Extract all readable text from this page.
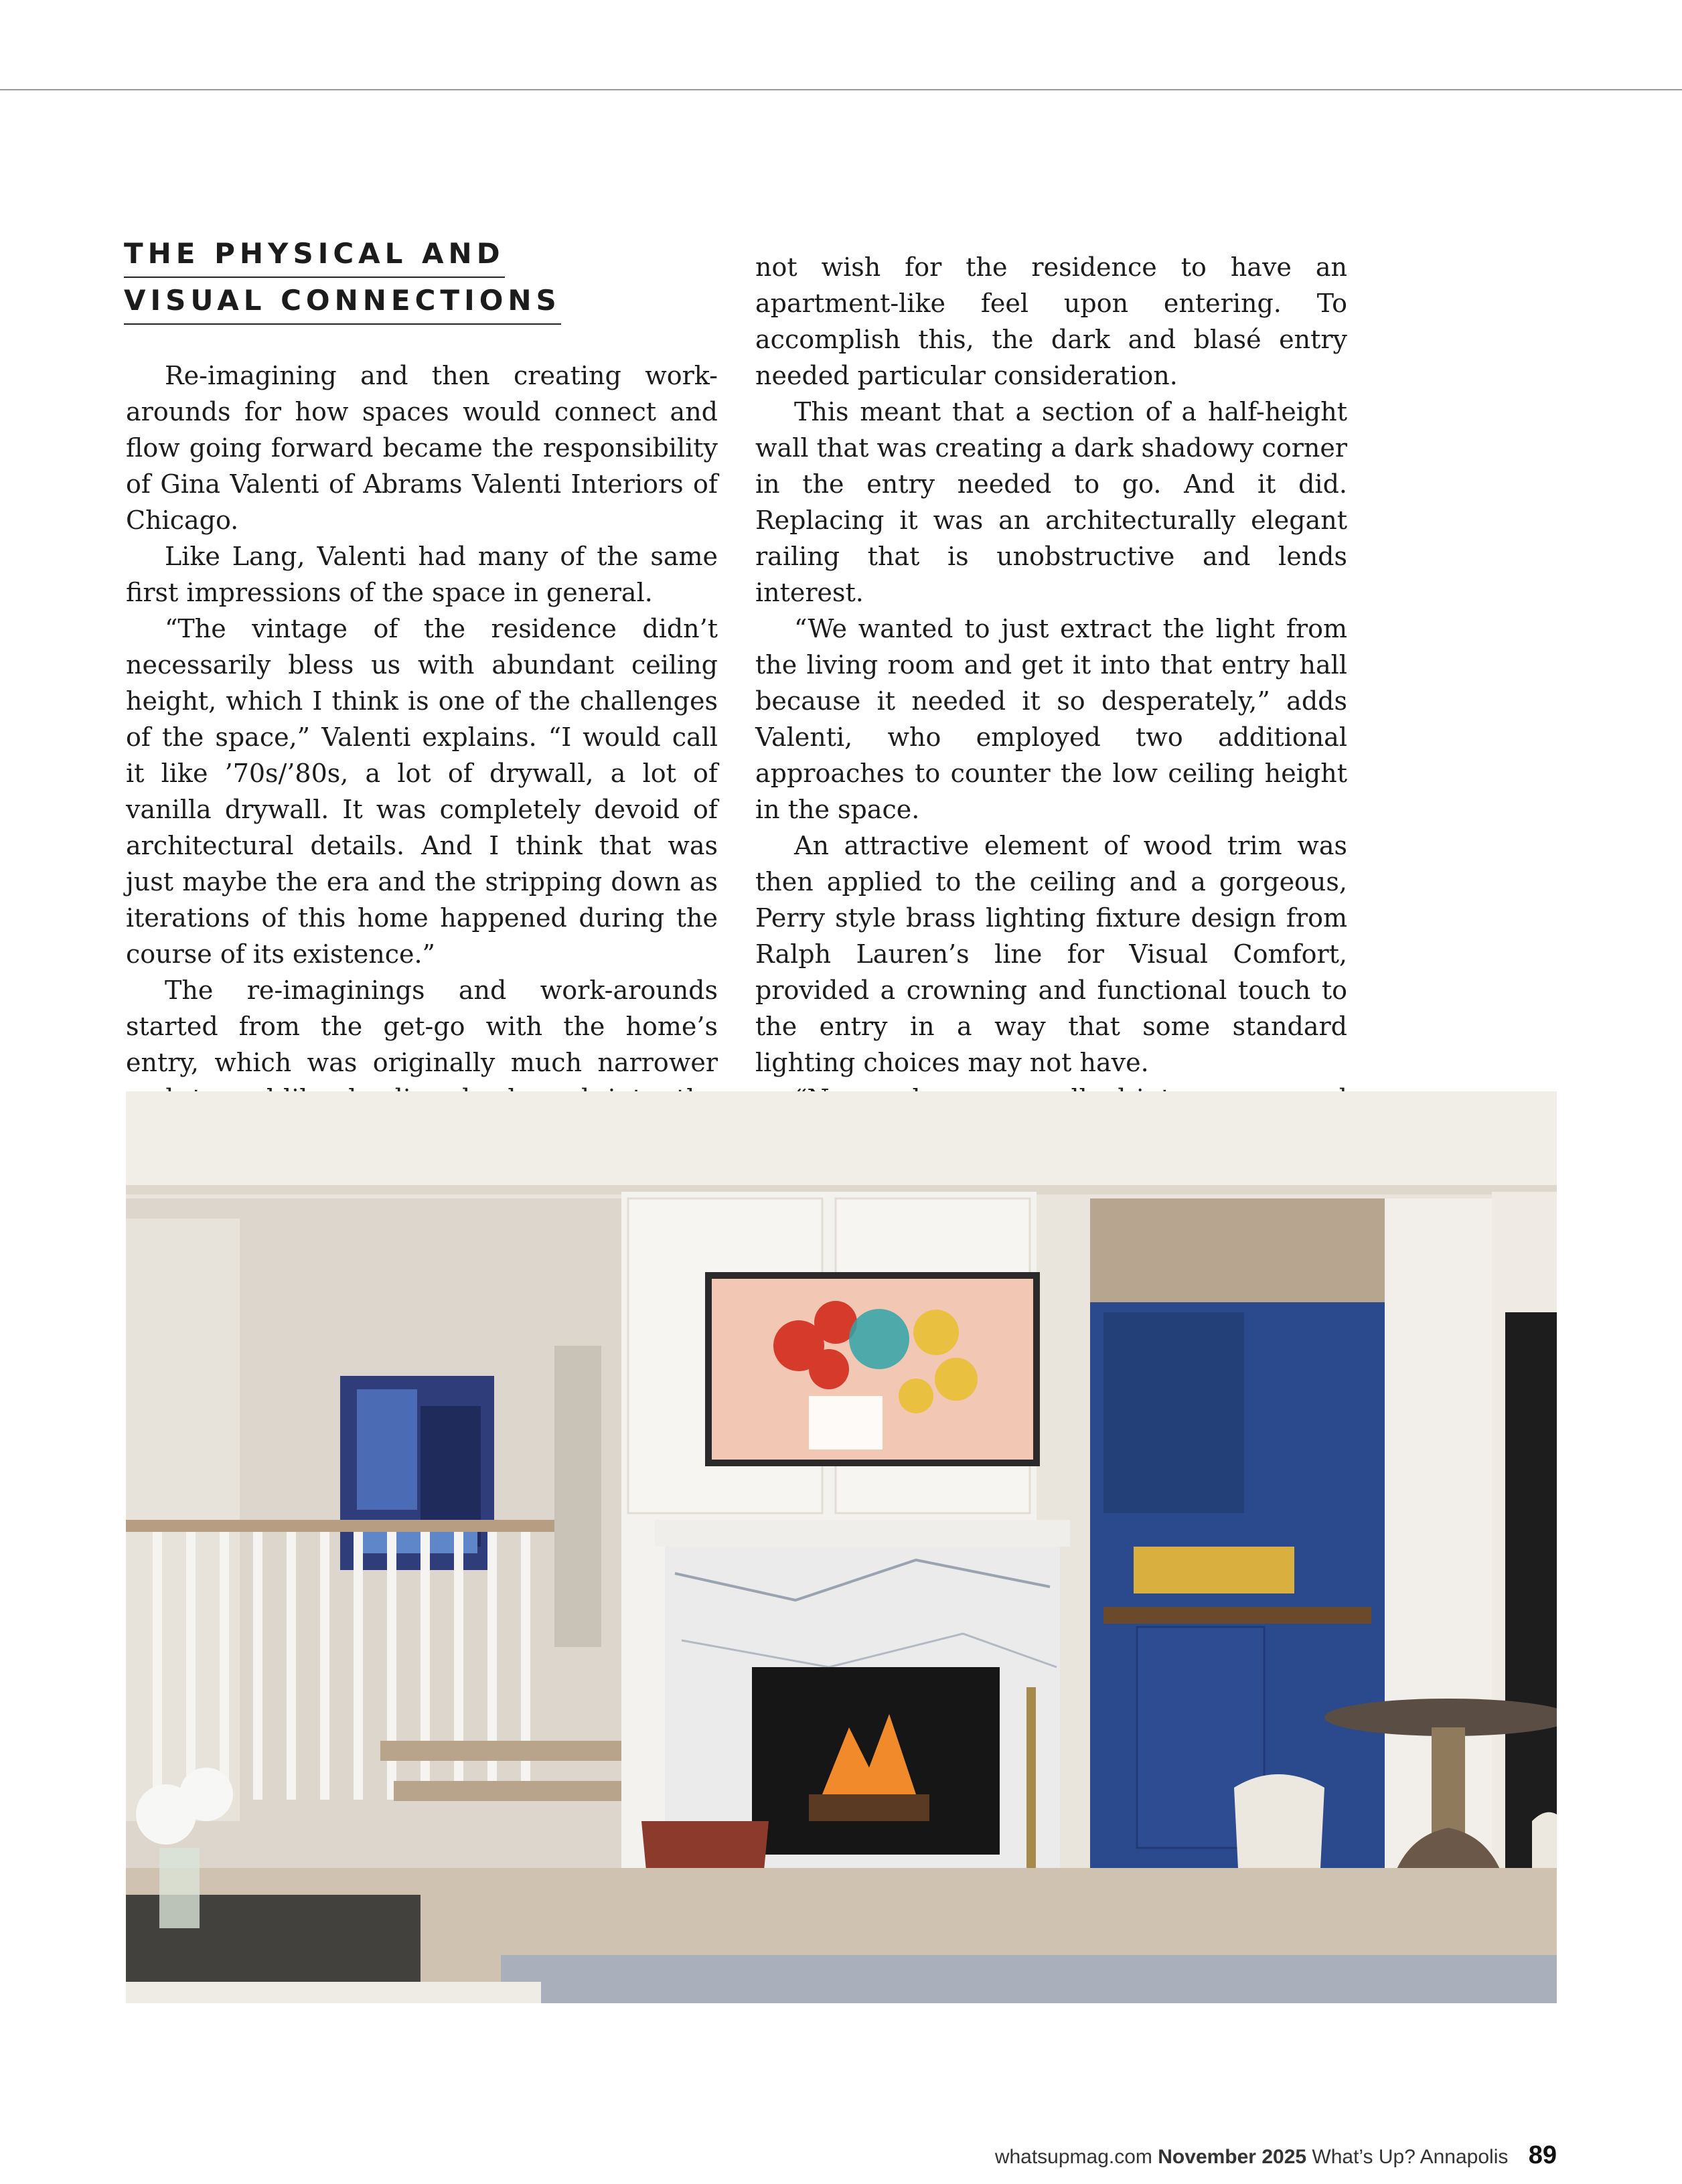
THE PHYSICAL AND
VISUAL CONNECTIONS

Re-imagining and then creating work-arounds for how spaces would connect and flow going forward became the responsibility of Gina Valenti of Abrams Valenti Interiors of Chicago.

Like Lang, Valenti had many of the same first impressions of the space in general.

“The vintage of the residence didn’t necessarily bless us with abundant ceiling height, which I think is one of the challenges of the space,” Valenti explains. “I would call it like ’70s/’80s, a lot of drywall, a lot of vanilla drywall. It was completely devoid of architectural details. And I think that was just maybe the era and the stripping down as iterations of this home happened during the course of its existence.”

The re-imaginings and work-arounds started from the get-go with the home’s entry, which was originally much narrower

not wish for the residence to have an apartment-like feel upon entering. To accomplish this, the dark and blasé entry needed particular consideration.

This meant that a section of a half-height wall that was creating a dark shadowy corner in the entry needed to go. And it did. Replacing it was an architecturally elegant railing that is unobstructive and lends interest.

“We wanted to just extract the light from the living room and get it into that entry hall because it needed it so desperately,” adds Valenti, who employed two additional approaches to counter the low ceiling height in the space.

An attractive element of wood trim was then applied to the ceiling and a gorgeous, Perry style brass lighting fixture design from Ralph Lauren’s line for Visual Comfort, provided a crowning and functional touch to the entry in a way that some standard lighting choices may not have.

whatsupmag.com November 2025 What’s Up? Annapolis 89
